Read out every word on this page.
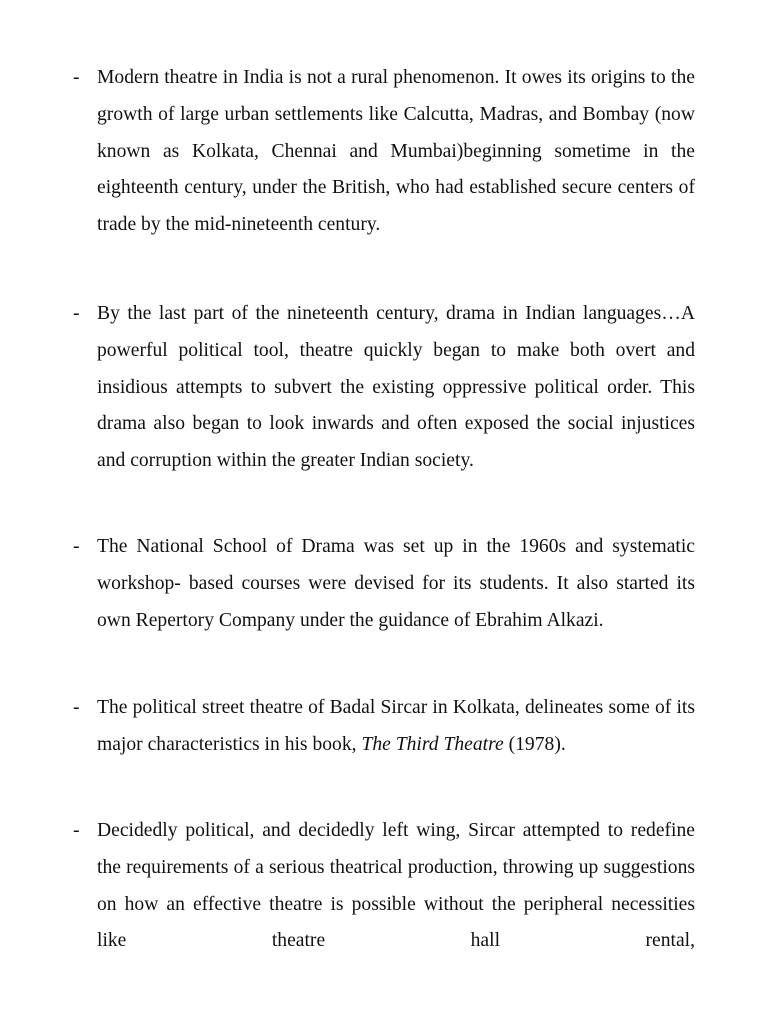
- Modern theatre in India is not a rural phenomenon. It owes its origins to the growth of large urban settlements like Calcutta, Madras, and Bombay (now known as Kolkata, Chennai and Mumbai)beginning sometime in the eighteenth century, under the British, who had established secure centers of trade by the mid-nineteenth century.

- By the last part of the nineteenth century, drama in Indian languages…A powerful political tool, theatre quickly began to make both overt and insidious attempts to subvert the existing oppressive political order. This drama also began to look inwards and often exposed the social injustices and corruption within the greater Indian society.

- The National School of Drama was set up in the 1960s and systematic workshop- based courses were devised for its students. It also started its own Repertory Company under the guidance of Ebrahim Alkazi.

- The political street theatre of Badal Sircar in Kolkata, delineates some of its major characteristics in his book, The Third Theatre (1978).

- Decidedly political, and decidedly left wing, Sircar attempted to redefine the requirements of a serious theatrical production, throwing up suggestions on how an effective theatre is possible without the peripheral necessities like theatre hall rental,
